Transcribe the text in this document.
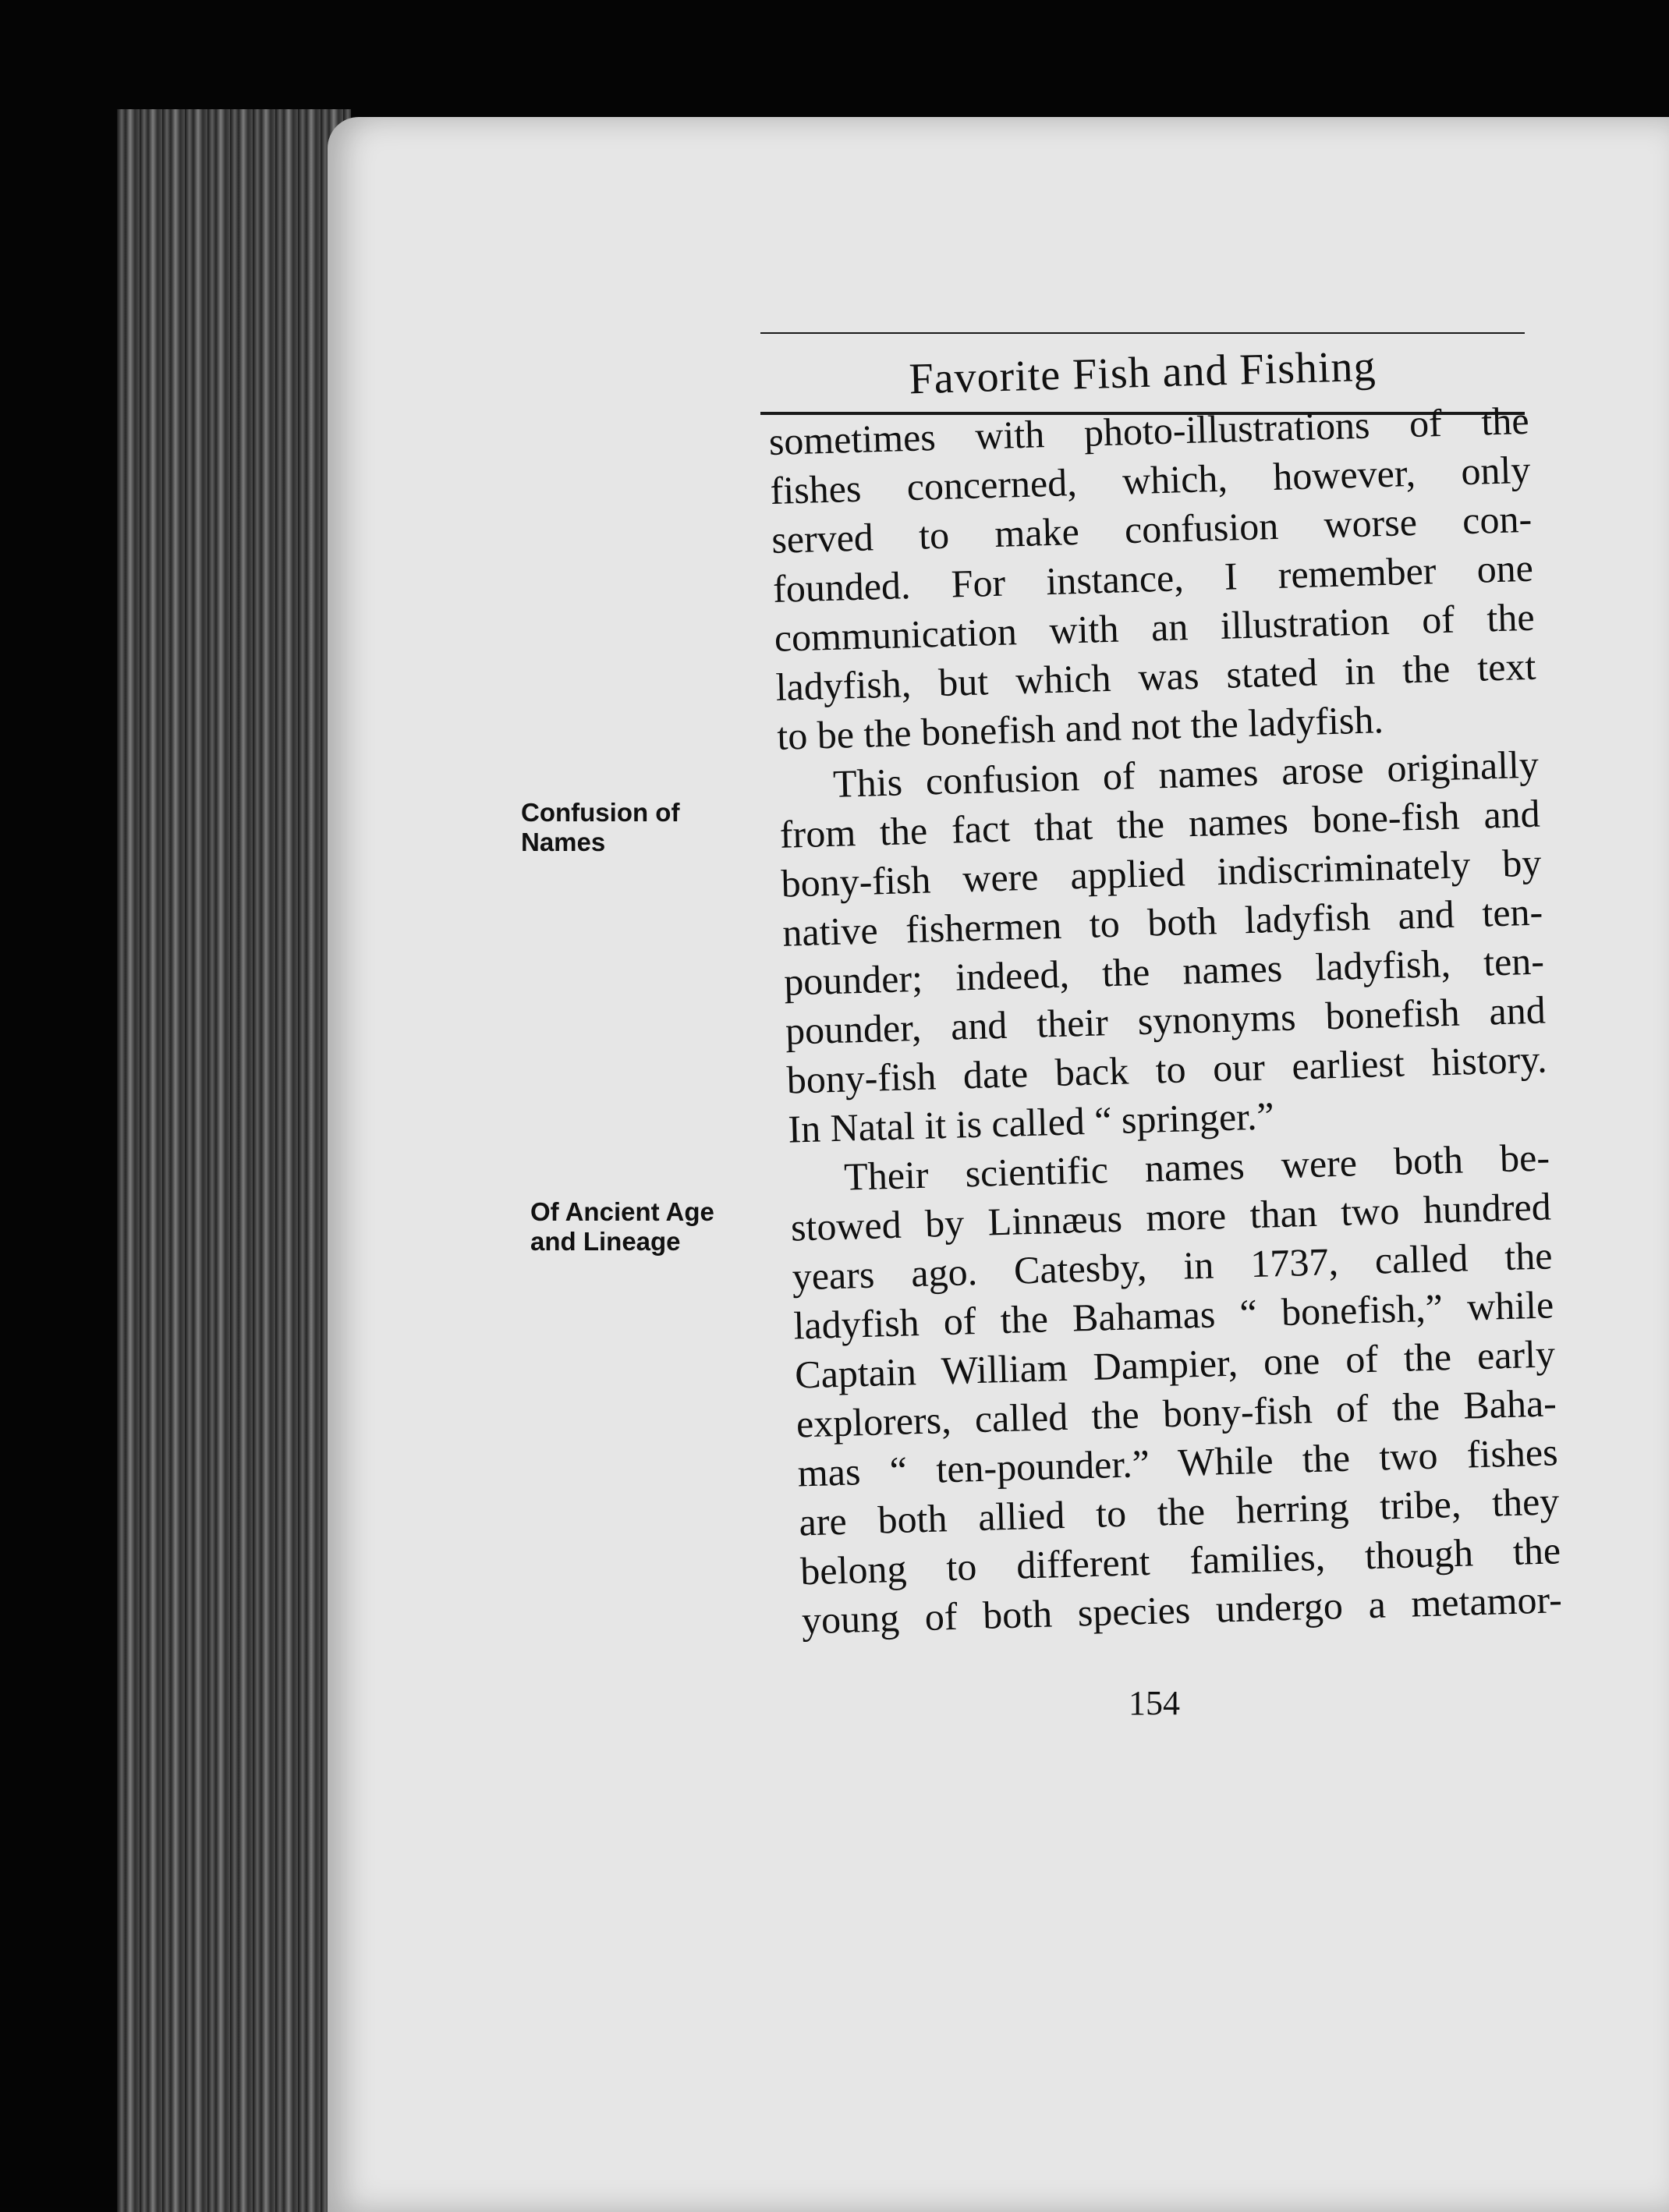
Favorite Fish and Fishing
Confusion of
Names
Of Ancient Age
and Lineage
sometimes with photo-illustrations of the
fishes concerned, which, however, only
served to make confusion worse con-
founded. For instance, I remember one
communication with an illustration of the
ladyfish, but which was stated in the text
to be the bonefish and not the ladyfish.
This confusion of names arose originally
from the fact that the names bone-fish and
bony-fish were applied indiscriminately by
native fishermen to both ladyfish and ten-
pounder; indeed, the names ladyfish, ten-
pounder, and their synonyms bonefish and
bony-fish date back to our earliest history.
In Natal it is called “ springer.”
Their scientific names were both be-
stowed by Linnæus more than two hundred
years ago. Catesby, in 1737, called the
ladyfish of the Bahamas “ bonefish,” while
Captain William Dampier, one of the early
explorers, called the bony-fish of the Baha-
mas “ ten-pounder.” While the two fishes
are both allied to the herring tribe, they
belong to different families, though the
young of both species undergo a metamor-
154
